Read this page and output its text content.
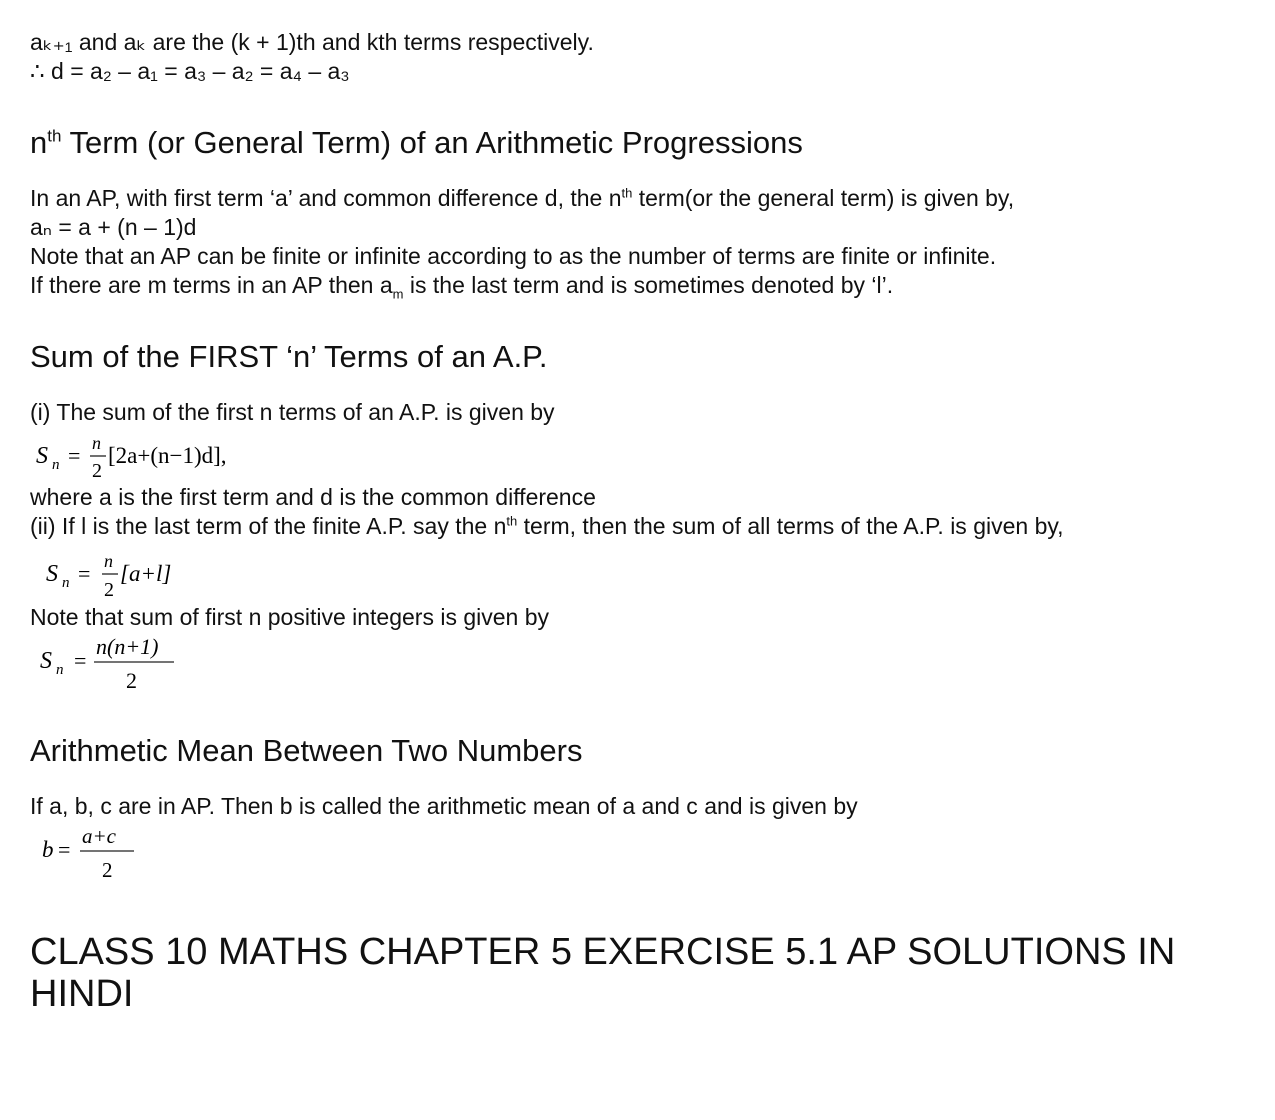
aₖ₊₁ and aₖ are the (k + 1)th and kth terms respectively.
∴ d = a₂ – a₁ = a₃ – a₂ = a₄ – a₃
$n^{th}$ Term (or General Term) of an Arithmetic Progressions
In an AP, with first term ‘a’ and common difference d, the $n^{th}$ term(or the general term) is given by,
aₙ = a + (n – 1)d
Note that an AP can be finite or infinite according to as the number of terms are finite or infinite.
If there are m terms in an AP then $a_m$ is the last term and is sometimes denoted by ‘l’.
Sum of the FIRST ‘n’ Terms of an A.P.
(i) The sum of the first n terms of an A.P. is given by
S n = n
2
[2a+(n−1)d],
where a is the first term and d is the common difference
(ii) If l is the last term of the finite A.P. say the $n^{th}$ term, then the sum of all terms of the A.P. is given by,
S n = n
2
[a+l]
Note that sum of first n positive integers is given by
S n =
n(n+1)
2
Arithmetic Mean Between Two Numbers
If a, b, c are in AP. Then b is called the arithmetic mean of a and c and is given by
b =
a+c
2
CLASS 10 MATHS CHAPTER 5 EXERCISE 5.1 AP SOLUTIONS IN HINDI
